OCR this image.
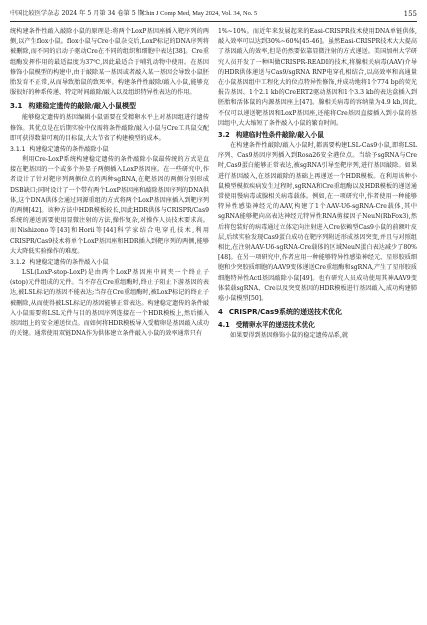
中国比较医学杂志 2024 年 5 月第 34 卷第 5 期
Chin J Comp Med, May 2024, Vol. 34, No. 5	155

统构建条件性敲入敲除小鼠的原理是:将两个LoxP基因座插入靶序列的两侧,以产生flox小鼠。flox小鼠与Cre小鼠杂交后,LoxP标记的DNA序列将被删除,而不同的启动子驱动Cre在不同的组织和细胞中表达[38]。Cre重组酶发挥作用的最适温度为37℃,因此最适合于哺乳动物中使用。在基因修饰小鼠模型的构建中,由于敲除某一基因或者敲入某一基因会导致小鼠胚胎发育不正常,从而导致胎鼠的致死率。构建条件性敲除/敲入小鼠,能够克服很好的种系传递、特定时间敲除/敲入以及组织特异性表达的作用。

3.1 构建稳定遗传的敲除/敲入小鼠模型

能够稳定遗传的基因编辑小鼠需要在受精卵水平上对基因组进行遗传修饰。其优点是在后期实验中仅需将条件敲除/敲入小鼠与Cre工具鼠交配即可获得数量可观的目标鼠,大大节省了构建模型的成本。

3.1.1 构建稳定遗传的条件敲除小鼠

利用Cre-LoxP系统构建稳定遗传的条件敲除小鼠最传统的方式是直接在靶基因的一个或多个外显子两侧插入LoxP基因座。在一些研究中,作者设计了针对靶序列两侧位点的两种sgRNA,在靶基因的两侧分别形成DSB缺口;同时设计了一个带有两个LoxP基因座和敲除基因序列的DNA供体,这个DNA供体会通过同源重组的方式将两个LoxP基因座插入到靶序列的两侧[42]。该种方法中HDR模板较长,因此HDR供体与CRISPR/Cas9系统的递送需要使用显微注射的方法,操作复杂,对操作人员技术要求高。而Nishizono等[43]和Horii等[44]科学家结合电穿孔技术,利用CRISPR/Cas9技术将单个LoxP基因座和HDR插入到靶序列的两侧,能够大大降低实验操作的难度。

3.1.2 构建稳定遗传的条件敲入小鼠

LSL(LoxP-stop-LoxP)是由两个LoxP基因座中间夹一个终止子(stop)元件组成的元件。当不存在Cre重组酶时,终止子阻止下游基因的表达,被LSL标记的基因不能表达;当存在Cre重组酶时,被LoxP标记的终止子被删除,从而使得被LSL标记的基因能够正常表达。构建稳定遗传的条件敲入小鼠需要将LSL元件与目的基因序列连接在一个HDR模板上,然后插入基因组上的安全递送位点。而如何将HDR模板导入受精卵是基因敲入成功的关键。通常使用双链DNA作为供体建立条件敲入小鼠的效率通常只有

1%~10%。而近年来发展起来的Easi-CRISPR技术使用DNA单链供体,敲入效率可以达到30%~60%[45-46]。虽然Easi-CRISPR技术大大提高了基因敲入的效率,但是仍然要依靠显微注射的方式递送。美国加州大学研究人员开发了一种叫做CRISPR-READI的技术,将腺相关病毒(AAV)介导的HDR供体递送与Cas9/sgRNA RNP电穿孔相结合,以高效率和高通量在小鼠基因组中工程化大的位点特异性修饰,并成功地将1个774 bp的荧光报告基因、1个2.1 kb的CreERT2驱动基因和1个3.3 kb的表达盒插入到胚胎和活体鼠的内源基因座上[47]。腺相关病毒的容纳量为4.9 kb,因此,不仅可以递送靶基因和LoxP基因座,还能将Cre基因直接插入到小鼠的基因组中,大大缩短了条件敲入小鼠的繁育时间。

3.2 构建临时性条件敲除/敲入小鼠

在构建条件性敲除/敲入小鼠时,都需要构建LSL-Cas9小鼠,即将LSL序列、Cas9基因序列插入到Rosa26安全港位点。当给予sgRNA与Cre时,Cas9蛋白能够正常表达,被sgRNA引导至靶序列,进行基因敲除。如果进行基因敲入,在基因敲除的基础上再递送一个HDR模板。在利用该种小鼠模型模拟疾病发生过程时,sgRNA和Cre重组酶以及HDR模板的递送通常使用慢病毒或腺相关病毒载体。例如,在一项研究中,作者使用一种能够特异性感染神经元的AAV,构建了1个AAV-U6-sgRNA-Cre载体,其中sgRNA能够靶向高表达神经元特异性RNA剪接因子NeuN(RbFox3),然后将包装好的病毒通过立体定向注射进入Cre依赖型Cas9小鼠的前额叶皮层,后续实验发现Cas9蛋白成功在靶序列附近形成基因突变,并且与对照组相比,在注射AAV-U6-sgRNA-Cre载体的区域NeuN蛋白表达减少了80%[48]。在另一项研究中,作者应用一种能够特异性感染神经元、星形胶质细胞和少突胶质细胞的AAV9变体递送Cre重组酶和sgRNA,产生了星形胶质细胞特异性Actl基因敲除小鼠[49]。也有研究人员成功使用其神AAV9变体装载sgRNA、Cre以及突变基因的HDR模板进行基因敲入,成功构建肺癌小鼠模型[50]。

4 CRISPR/Cas9系统的递送技术优化
4.1 受精卵水平的递送技术优化

如果要得到基因修饰小鼠的稳定遗传品系,就
